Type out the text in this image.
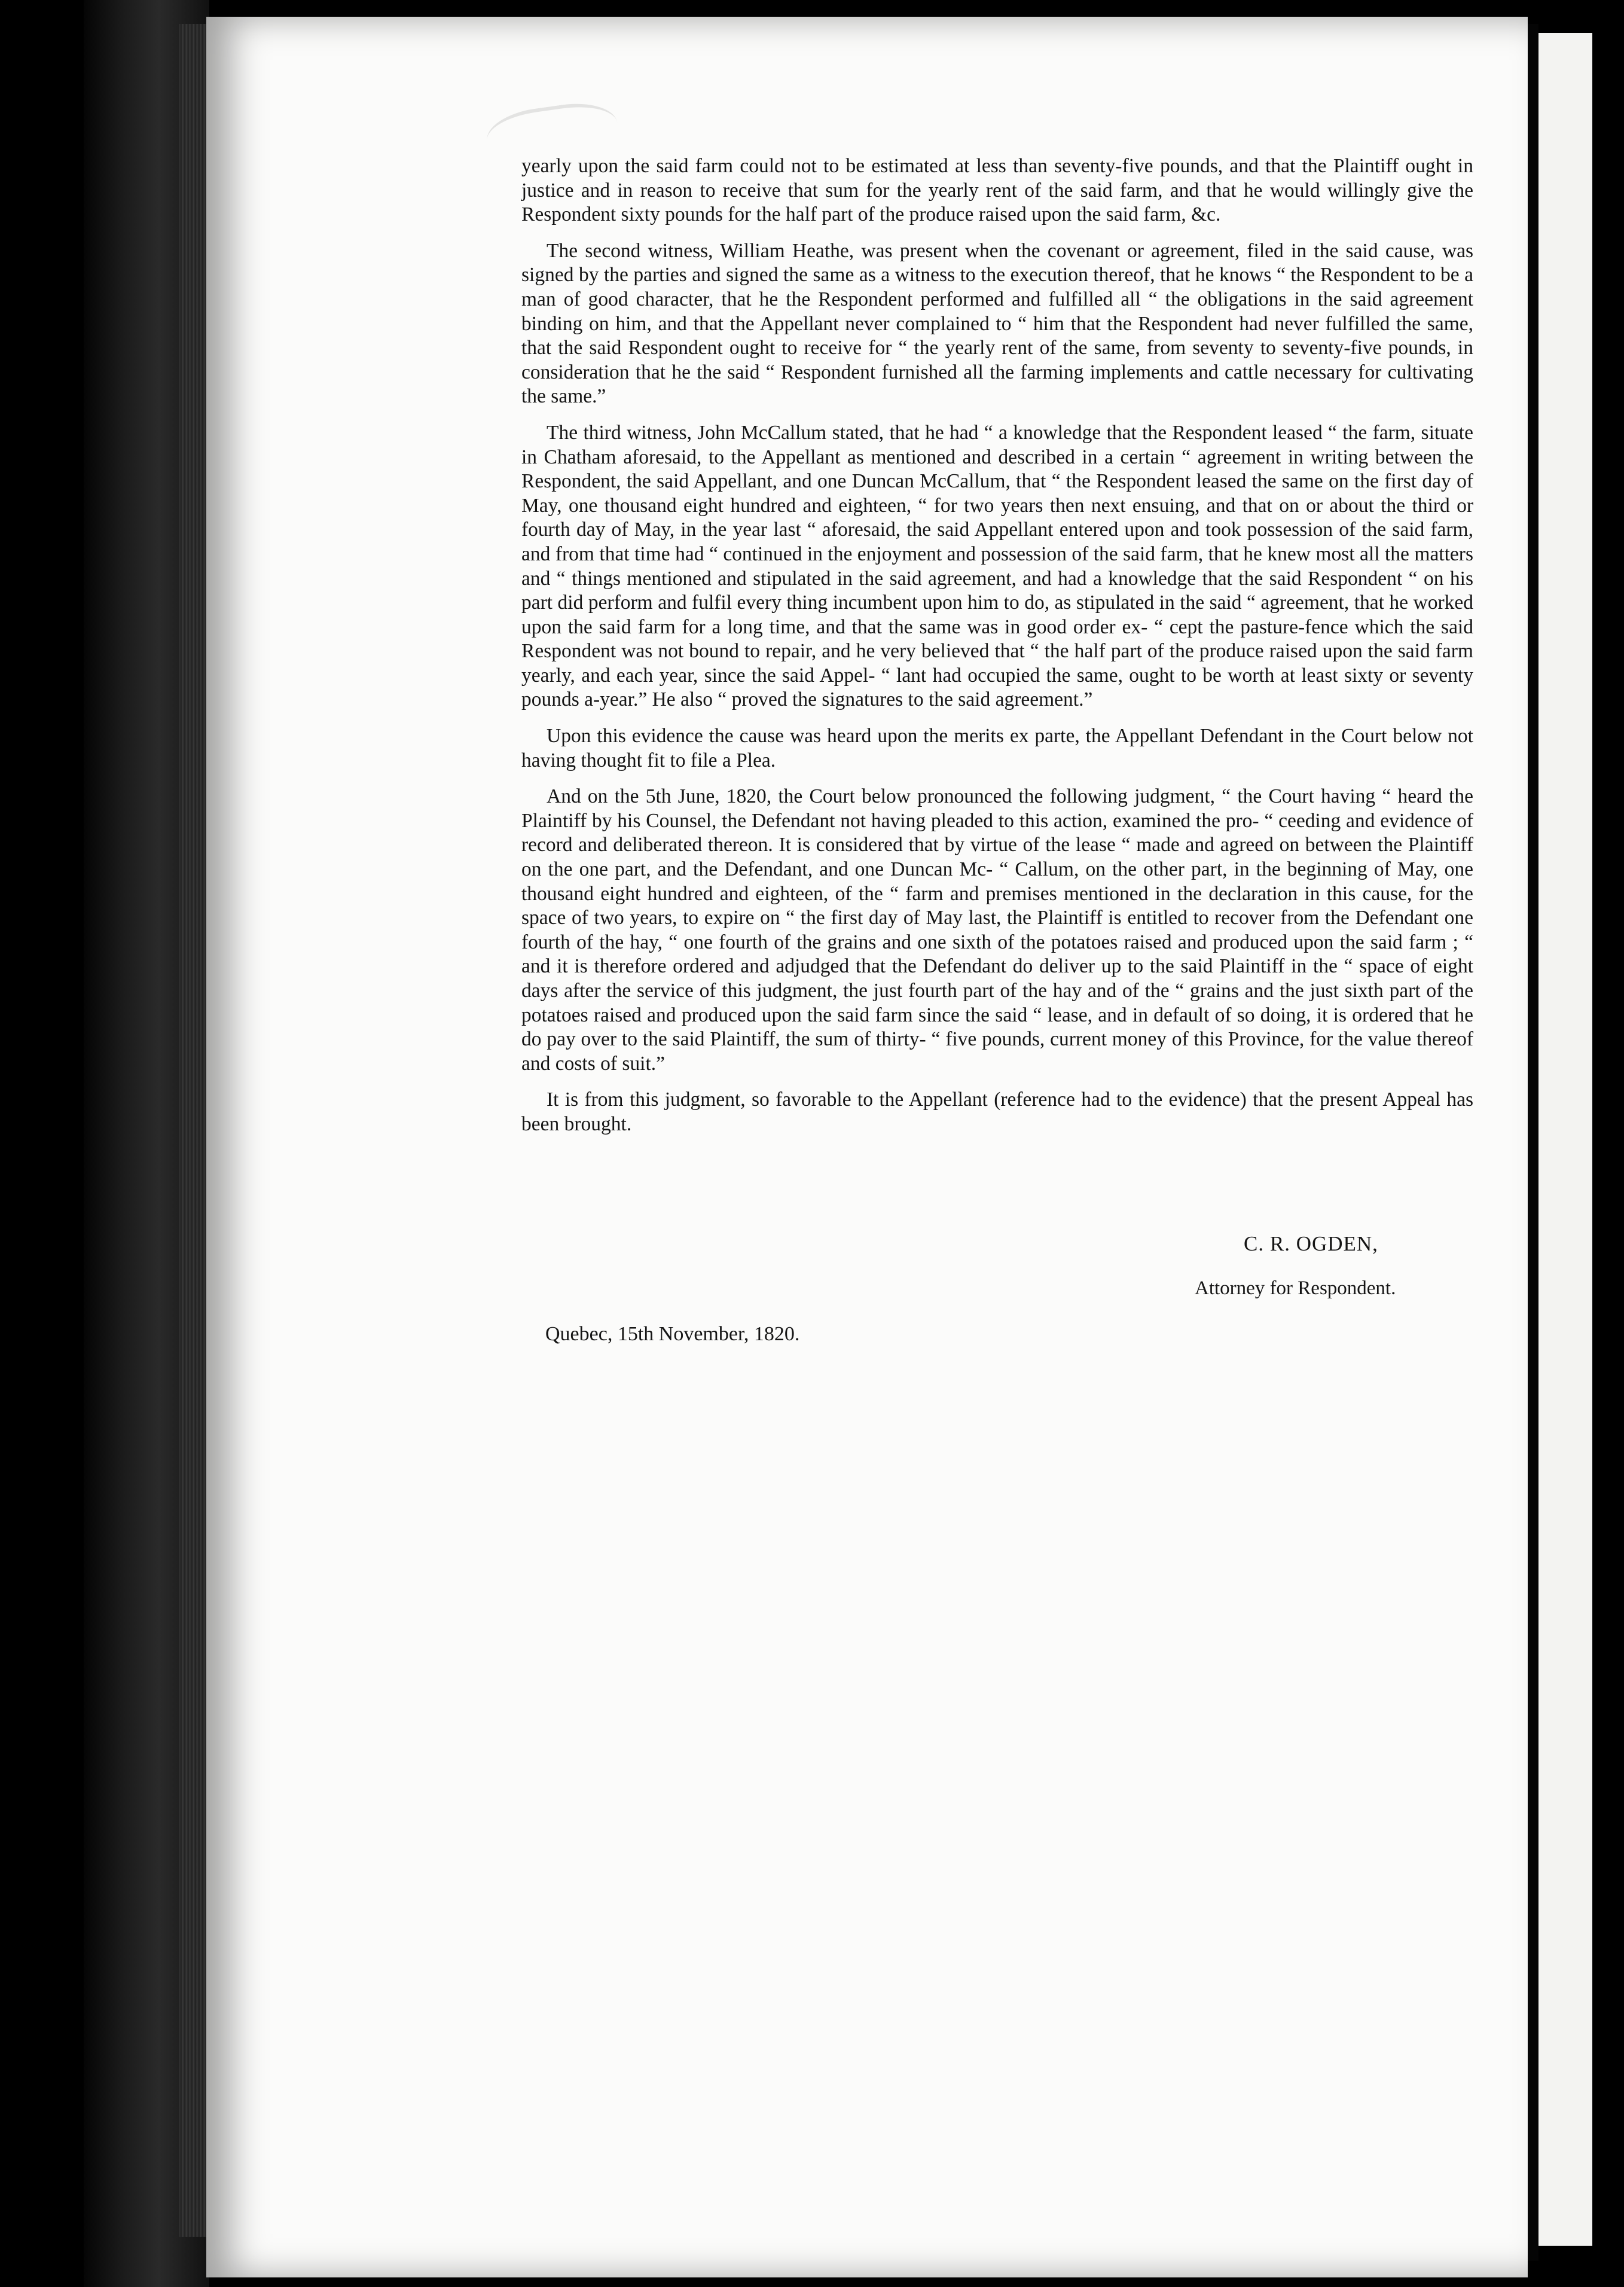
yearly upon the said farm could not to be estimated at less than seventy-five pounds, and that the Plaintiff ought in justice and in reason to receive that sum for the yearly rent of the said farm, and that he would willingly give the Respondent sixty pounds for the half part of the produce raised upon the said farm, &c.

The second witness, William Heathe, was present when the covenant or agreement, filed in the said cause, was signed by the parties and signed the same as a witness to the execution thereof, that he knows “ the Respondent to be a man of good character, that he the Respondent performed and fulfilled all “ the obligations in the said agreement binding on him, and that the Appellant never complained to “ him that the Respondent had never fulfilled the same, that the said Respondent ought to receive for “ the yearly rent of the same, from seventy to seventy-five pounds, in consideration that he the said “ Respondent furnished all the farming implements and cattle necessary for cultivating the same.”

The third witness, John McCallum stated, that he had “ a knowledge that the Respondent leased “ the farm, situate in Chatham aforesaid, to the Appellant as mentioned and described in a certain “ agreement in writing between the Respondent, the said Appellant, and one Duncan McCallum, that “ the Respondent leased the same on the first day of May, one thousand eight hundred and eighteen, “ for two years then next ensuing, and that on or about the third or fourth day of May, in the year last “ aforesaid, the said Appellant entered upon and took possession of the said farm, and from that time had “ continued in the enjoyment and possession of the said farm, that he knew most all the matters and “ things mentioned and stipulated in the said agreement, and had a knowledge that the said Respondent “ on his part did perform and fulfil every thing incumbent upon him to do, as stipulated in the said “ agreement, that he worked upon the said farm for a long time, and that the same was in good order ex- “ cept the pasture-fence which the said Respondent was not bound to repair, and he very believed that “ the half part of the produce raised upon the said farm yearly, and each year, since the said Appel- “ lant had occupied the same, ought to be worth at least sixty or seventy pounds a-year.” He also “ proved the signatures to the said agreement.”

Upon this evidence the cause was heard upon the merits ex parte, the Appellant Defendant in the Court below not having thought fit to file a Plea.

And on the 5th June, 1820, the Court below pronounced the following judgment, “ the Court having “ heard the Plaintiff by his Counsel, the Defendant not having pleaded to this action, examined the pro- “ ceeding and evidence of record and deliberated thereon. It is considered that by virtue of the lease “ made and agreed on between the Plaintiff on the one part, and the Defendant, and one Duncan Mc- “ Callum, on the other part, in the beginning of May, one thousand eight hundred and eighteen, of the “ farm and premises mentioned in the declaration in this cause, for the space of two years, to expire on “ the first day of May last, the Plaintiff is entitled to recover from the Defendant one fourth of the hay, “ one fourth of the grains and one sixth of the potatoes raised and produced upon the said farm ; “ and it is therefore ordered and adjudged that the Defendant do deliver up to the said Plaintiff in the “ space of eight days after the service of this judgment, the just fourth part of the hay and of the “ grains and the just sixth part of the potatoes raised and produced upon the said farm since the said “ lease, and in default of so doing, it is ordered that he do pay over to the said Plaintiff, the sum of thirty- “ five pounds, current money of this Province, for the value thereof and costs of suit.”

It is from this judgment, so favorable to the Appellant (reference had to the evidence) that the present Appeal has been brought.

C. R. OGDEN,
Attorney for Respondent.
Quebec, 15th November, 1820.
